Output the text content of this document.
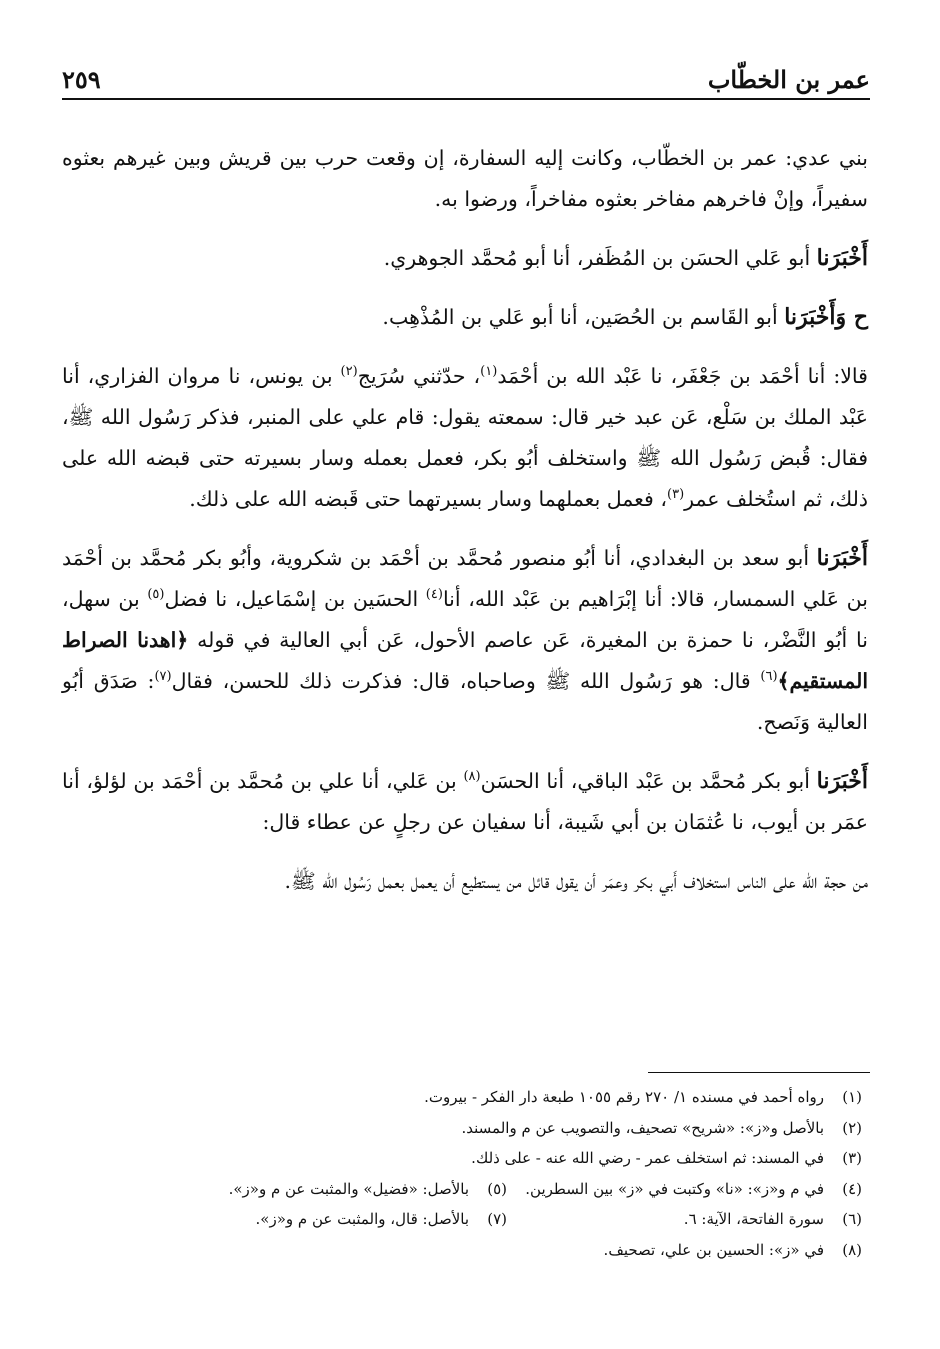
عمر بن الخطّاب
٢٥٩

بني عدي: عمر بن الخطّاب، وكانت إليه السفارة، إن وقعت حرب بين قريش وبين غيرهم بعثوه سفيراً، وإنْ فاخرهم مفاخر بعثوه مفاخراً، ورضوا به.

أَخْبَرَنا أبو عَلي الحسَن بن المُظَفر، أنا أبو مُحمَّد الجوهري.

ح وَأَخْبَرَنا أبو القَاسم بن الحُصَين، أنا أبو عَلي بن المُذْهِب.

قالا: أنا أحْمَد بن جَعْفَر، نا عَبْد الله بن أحْمَد$^{(١)}$، حدّثني سُرَيج$^{(٢)}$ بن يونس، نا مروان الفزاري، أنا عَبْد الملك بن سَلْع، عَن عبد خير قال: سمعته يقول: قام علي على المنبر، فذكر رَسُول الله ﷺ، فقال: قُبض رَسُول الله ﷺ واستخلف أبُو بكر، فعمل بعمله وسار بسيرته حتى قبضه الله على ذلك، ثم استُخلف عمر$^{(٣)}$، فعمل بعملهما وسار بسيرتهما حتى قَبضه الله على ذلك.

أَخْبَرَنا أبو سعد بن البغدادي، أنا أبُو منصور مُحمَّد بن أحْمَد بن شكروية، وأبُو بكر مُحمَّد بن أحْمَد بن عَلي السمسار، قالا: أنا إبْرَاهيم بن عَبْد الله، أنا$^{(٤)}$ الحسَين بن إسْمَاعيل، نا فضل$^{(٥)}$ بن سهل، نا أبُو النَّضْر، نا حمزة بن المغيرة، عَن عاصم الأحول، عَن أبي العالية في قوله ﴿اهدنا الصراط المستقيم﴾$^{(٦)}$ قال: هو رَسُول الله ﷺ وصاحباه، قال: فذكرت ذلك للحسن، فقال$^{(٧)}$: صَدَق أبُو العالية وَنَصح.

أَخْبَرَنا أبو بكر مُحمَّد بن عَبْد الباقي، أنا الحسَن$^{(٨)}$ بن عَلي، أنا علي بن مُحمَّد بن أحْمَد بن لؤلؤ، أنا عمَر بن أيوب، نا عُثمَان بن أبي شَيبة، أنا سفيان عن رجلٍ عن عطاء قال:

من حجة الله على الناس استخلاف أَبي بكر وعمَر أن يقول قائل من يستطيع أن يعمل بعمل رَسُول الله ﷺ.

(١)
رواه أحمد في مسنده ١/ ٢٧٠ رقم ١٠٥٥ طبعة دار الفكر - بيروت.
(٢)
بالأصل و«ز»: «شريح» تصحيف، والتصويب عن م والمسند.
(٣)
في المسند: ثم استخلف عمر - رضي الله عنه - على ذلك.
(٤)
في م و«ز»: «نا» وكتبت في «ز» بين السطرين.
(٥)
بالأصل: «فضيل» والمثبت عن م و«ز».
(٦)
سورة الفاتحة، الآية: ٦.
(٧)
بالأصل: قال، والمثبت عن م و«ز».
(٨)
في «ز»: الحسين بن علي، تصحيف.
